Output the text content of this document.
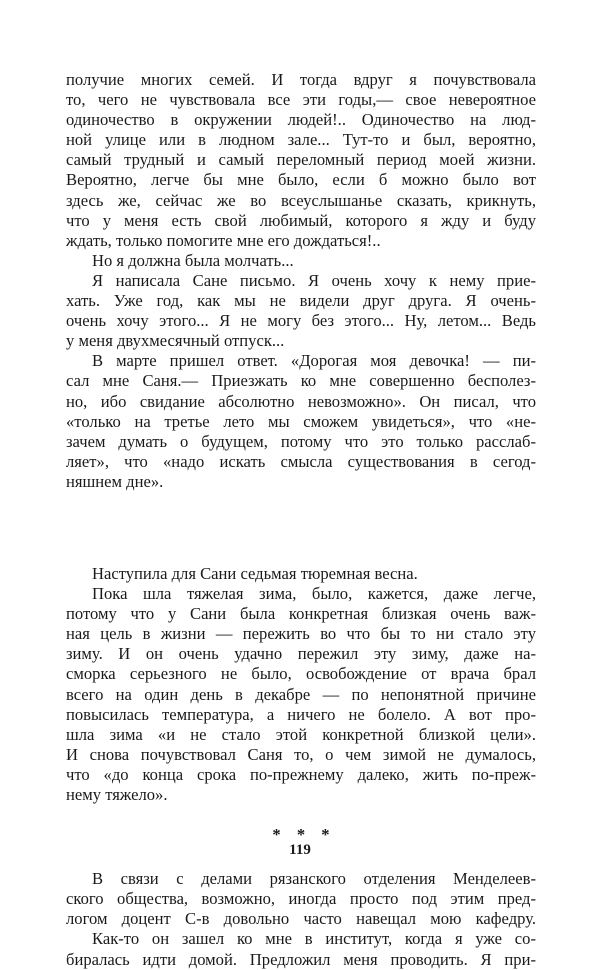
получие многих семей. И тогда вдруг я почувствовала
то, чего не чувствовала все эти годы,— свое невероятное
одиночество в окружении людей!.. Одиночество на люд-
ной улице или в людном зале... Тут-то и был, вероятно,
самый трудный и самый переломный период моей жизни.
Вероятно, легче бы мне было, если б можно было вот
здесь же, сейчас же во всеуслышанье сказать, крикнуть,
что у меня есть свой любимый, которого я жду и буду
ждать, только помогите мне его дождаться!..
Но я должна была молчать...
Я написала Сане письмо. Я очень хочу к нему прие-
хать. Уже год, как мы не видели друг друга. Я очень-
очень хочу этого... Я не могу без этого... Ну, летом... Ведь
у меня двухмесячный отпуск...
В марте пришел ответ. «Дорогая моя девочка! — пи-
сал мне Саня.— Приезжать ко мне совершенно бесполез-
но, ибо свидание абсолютно невозможно». Он писал, что
«только на третье лето мы сможем увидеться», что «не-
зачем думать о будущем, потому что это только расслаб-
ляет», что «надо искать смысла существования в сегод-
няшнем дне».
Наступила для Сани седьмая тюремная весна.
Пока шла тяжелая зима, было, кажется, даже легче,
потому что у Сани была конкретная близкая очень важ-
ная цель в жизни — пережить во что бы то ни стало эту
зиму. И он очень удачно пережил эту зиму, даже на-
сморка серьезного не было, освобождение от врача брал
всего на один день в декабре — по непонятной причине
повысилась температура, а ничего не болело. А вот про-
шла зима «и не стало этой конкретной близкой цели».
И снова почувствовал Саня то, о чем зимой не думалось,
что «до конца срока по-прежнему далеко, жить по-преж-
нему тяжело».
* * *
В связи с делами рязанского отделения Менделеев-
ского общества, возможно, иногда просто под этим пред-
логом доцент С-в довольно часто навещал мою кафедру.
Как-то он зашел ко мне в институт, когда я уже со-
биралась идти домой. Предложил меня проводить. Я при-
119
